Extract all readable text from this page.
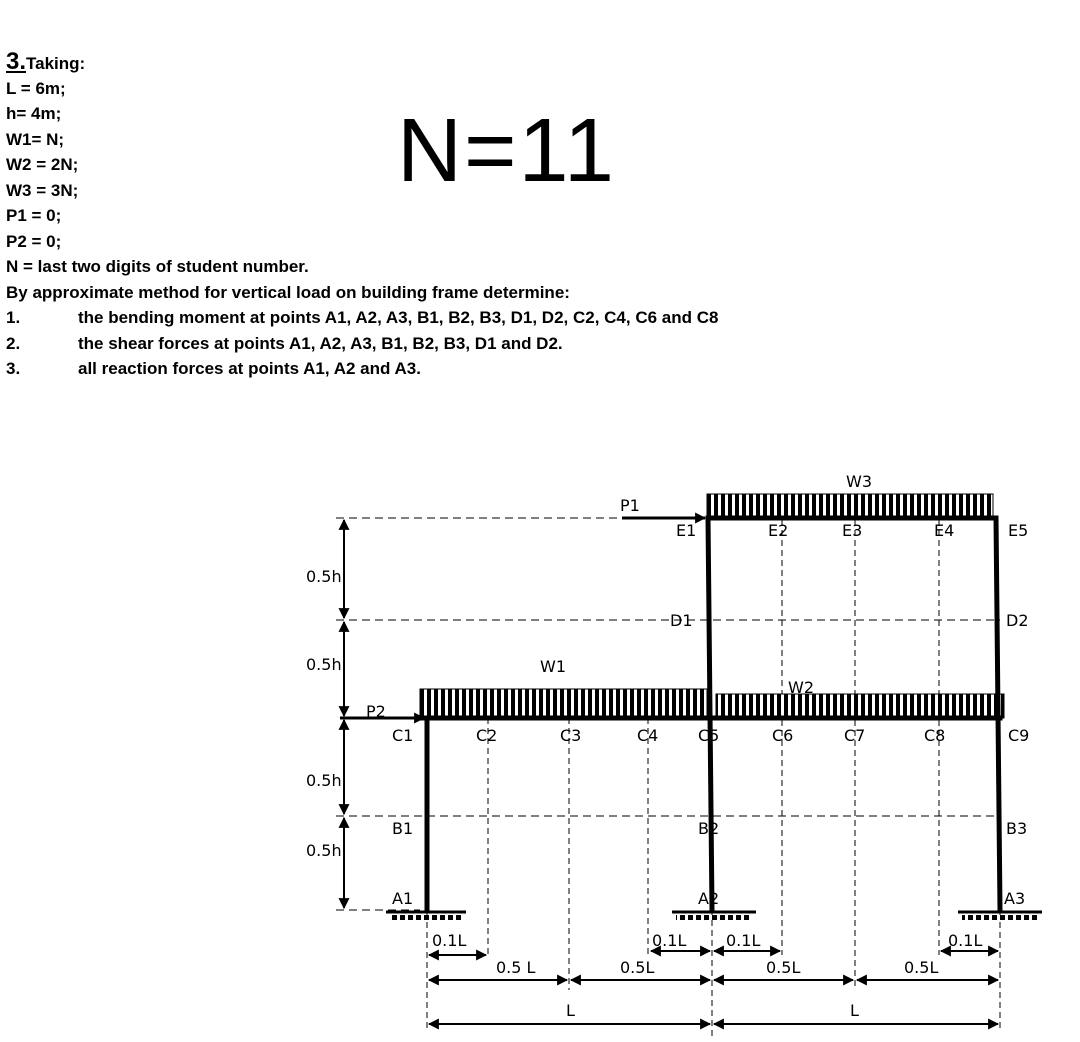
3.Taking:
L = 6m;
h= 4m;
W1= N;
W2 = 2N;
W3 = 3N;
P1 = 0;
P2 = 0;
N = last two digits of student number.
By approximate method for vertical load on building frame determine:
1.	the bending moment at points A1, A2, A3, B1, B2, B3, D1, D2, C2, C4, C6 and C8
2.	the shear forces at points A1, A2, A3, B1, B2, B3, D1 and D2.
3.	all reaction forces at points A1, A2 and A3.
N=11
W3
W1
W2
P1
P2
E1	E2	E3	E4	E5
D1	D2
C1	C2	C3	C4 C5	C6	C7	C8	C9
B1	B2	B3
A1	A2	A3
0.5h
0.5h
0.5h
0.5h
0.1L	0.1L 0.1L	0.1L
0.5 L	0.5L	0.5L	0.5L
L	L
